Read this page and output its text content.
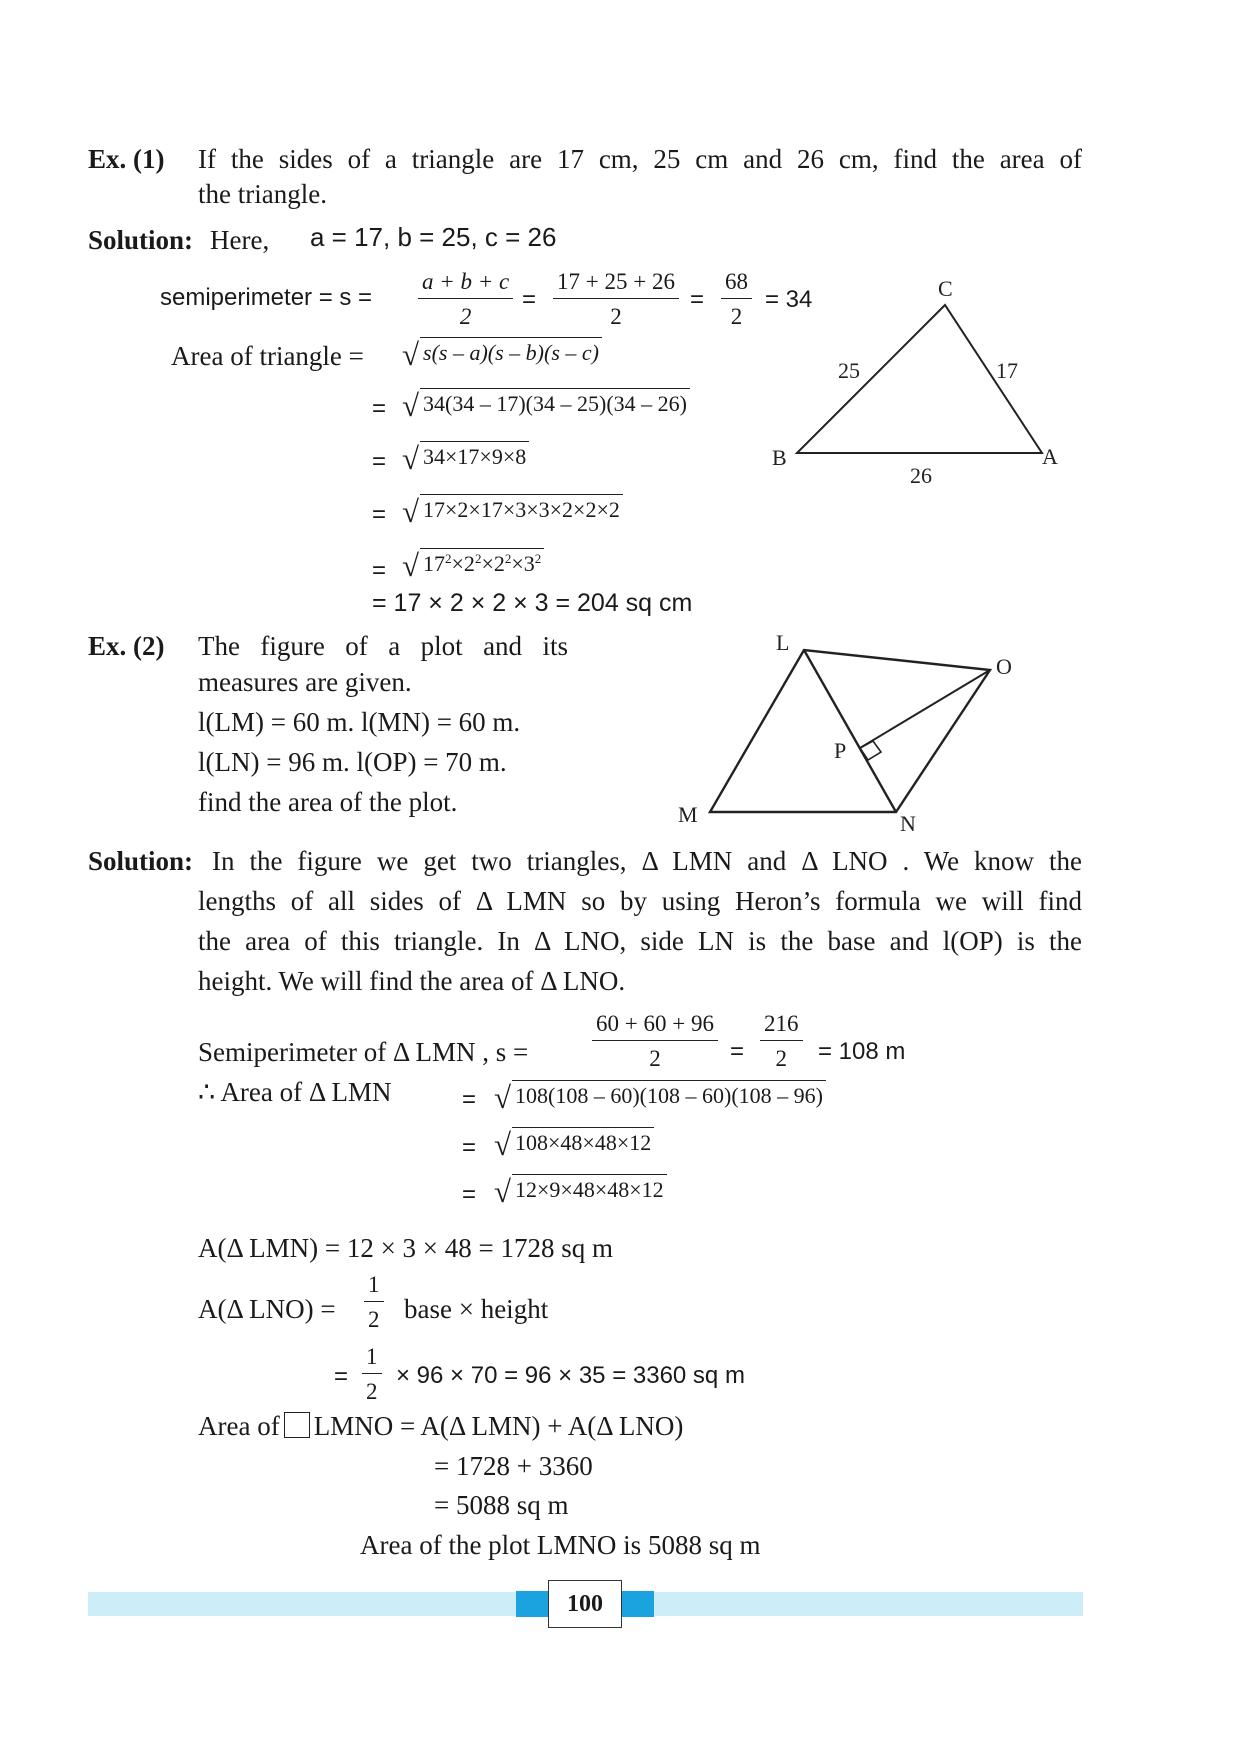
Ex. (1) If the sides of a triangle are 17 cm, 25 cm and 26 cm, find the area of
the triangle.
Solution: Here, a = 17, b = 25, c = 26
semiperimeter = $s = \frac{a + b + c}{2} = \frac{17 + 25 + 26}{2} = \frac{68}{2} = 34$
Area of triangle = √ s(s – a)(s – b)(s – c)
= √ 34(34 – 17)(34 – 25)(34 – 26)
= √ 34×17×9×8
= √ 17×2×17×3×3×2×2×2
= √ $17^2\times 2^2\times 2^2\times 3^2$
= 17 × 2 × 2 × 3 = 204 sq cm
C
B	A
25	17
26
Ex. (2) The figure of a plot and its
measures are given.
l(LM) = 60 m. l(MN) = 60 m.
l(LN) = 96 m. l(OP) = 70 m.
find the area of the plot.
L
O
P
M	N
Solution: In the figure we get two triangles, Δ LMN and Δ LNO . We know the
lengths of all sides of Δ LMN so by using Heron’s formula we will find
the area of this triangle. In Δ LNO, side LN is the base and l(OP) is the
height. We will find the area of Δ LNO.
Semiperimeter of Δ LMN , s =	$\frac{60 + 60 + 96}{2} = \frac{216}{2} = 108$ m
∴ Area of Δ LMN	= √ 108(108 – 60)(108 – 60)(108 – 96)
= √ 108×48×48×12
= √ 12×9×48×48×12
A(Δ LMN) = 12 × 3 × 48 = 1728 sq m
A(Δ $LNO) = \frac{1}{2}$ base × height
= $\frac{1}{2} \times 96 \times 70 = 96 \times 35 = 3360$ sq m
Area of LMNO = A(Δ LMN) + A(Δ LNO)
= 1728 + 3360
= 5088 sq m
Area of the plot LMNO is 5088 sq m
100
